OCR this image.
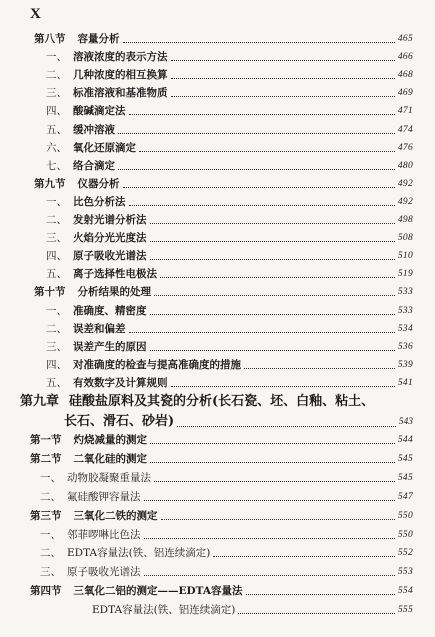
X
第八节 容量分析	465
一、 溶液浓度的表示方法	466
二、 几种浓度的相互换算	468
三、 标准溶液和基准物质	469
四、 酸碱滴定法	471
五、 缓冲溶液	474
六、 氧化还原滴定	476
七、 络合滴定	480
第九节 仪器分析	492
一、 比色分析法	492
二、 发射光谱分析法	498
三、 火焰分光光度法	508
四、 原子吸收光谱法	510
五、 离子选择性电极法	519
第十节 分析结果的处理	533
一、 准确度、精密度	533
二、 误差和偏差	534
三、 误差产生的原因	536
四、 对准确度的检查与提高准确度的措施	539
五、 有效数字及计算规则	541
第九章 硅酸盐原料及其瓷的分析(长石瓷、坯、白釉、粘土、
长石、滑石、砂岩)	543
第一节 灼烧减量的测定	544
第二节 二氧化硅的测定	545
一、 动物胶凝聚重量法	545
二、 氟硅酸钾容量法	547
第三节 三氧化二铁的测定	550
一、 邻菲啰啉比色法	550
二、 EDTA容量法(铁、铝连续滴定)	552
三、 原子吸收光谱法	553
第四节 三氧化二铝的测定——EDTA容量法	554
EDTA容量法(铁、铝连续滴定)	555
